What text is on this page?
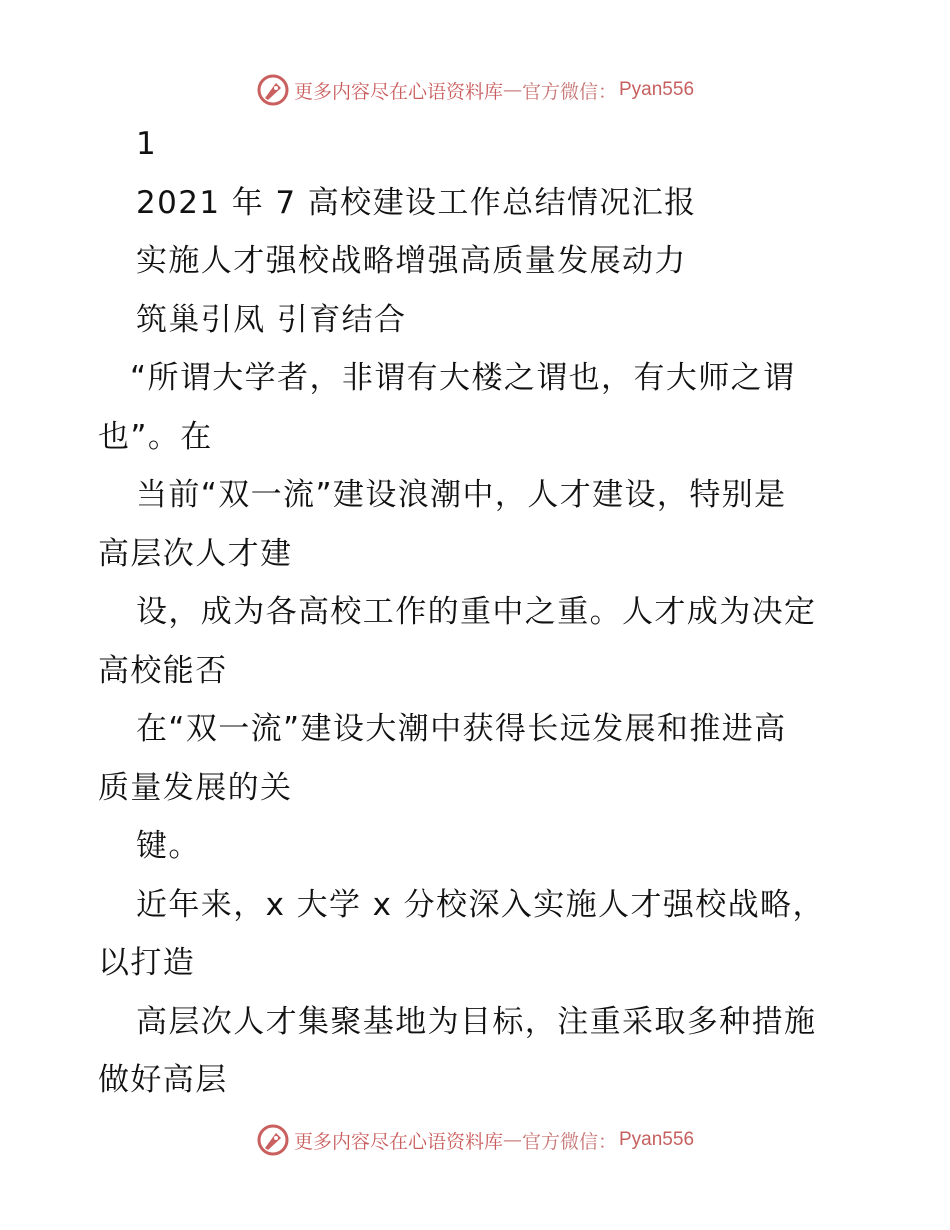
更多内容尽在心语资料库 — 官方微信： Pyan556
1
2021 年 7 高校建设工作总结情况汇报
实施人才强校战略增强高质量发展动力
筑巢引凤 引育结合
“所谓大学者，非谓有大楼之谓也，有大师之谓
也”。在
当前“双一流”建设浪潮中，人才建设，特别是
高层次人才建
设，成为各高校工作的重中之重。人才成为决定
高校能否
在“双一流”建设大潮中获得长远发展和推进高
质量发展的关
键。
近年来，x 大学 x 分校深入实施人才强校战略，
以打造
高层次人才集聚基地为目标，注重采取多种措施
做好高层
更多内容尽在心语资料库 — 官方微信： Pyan556
